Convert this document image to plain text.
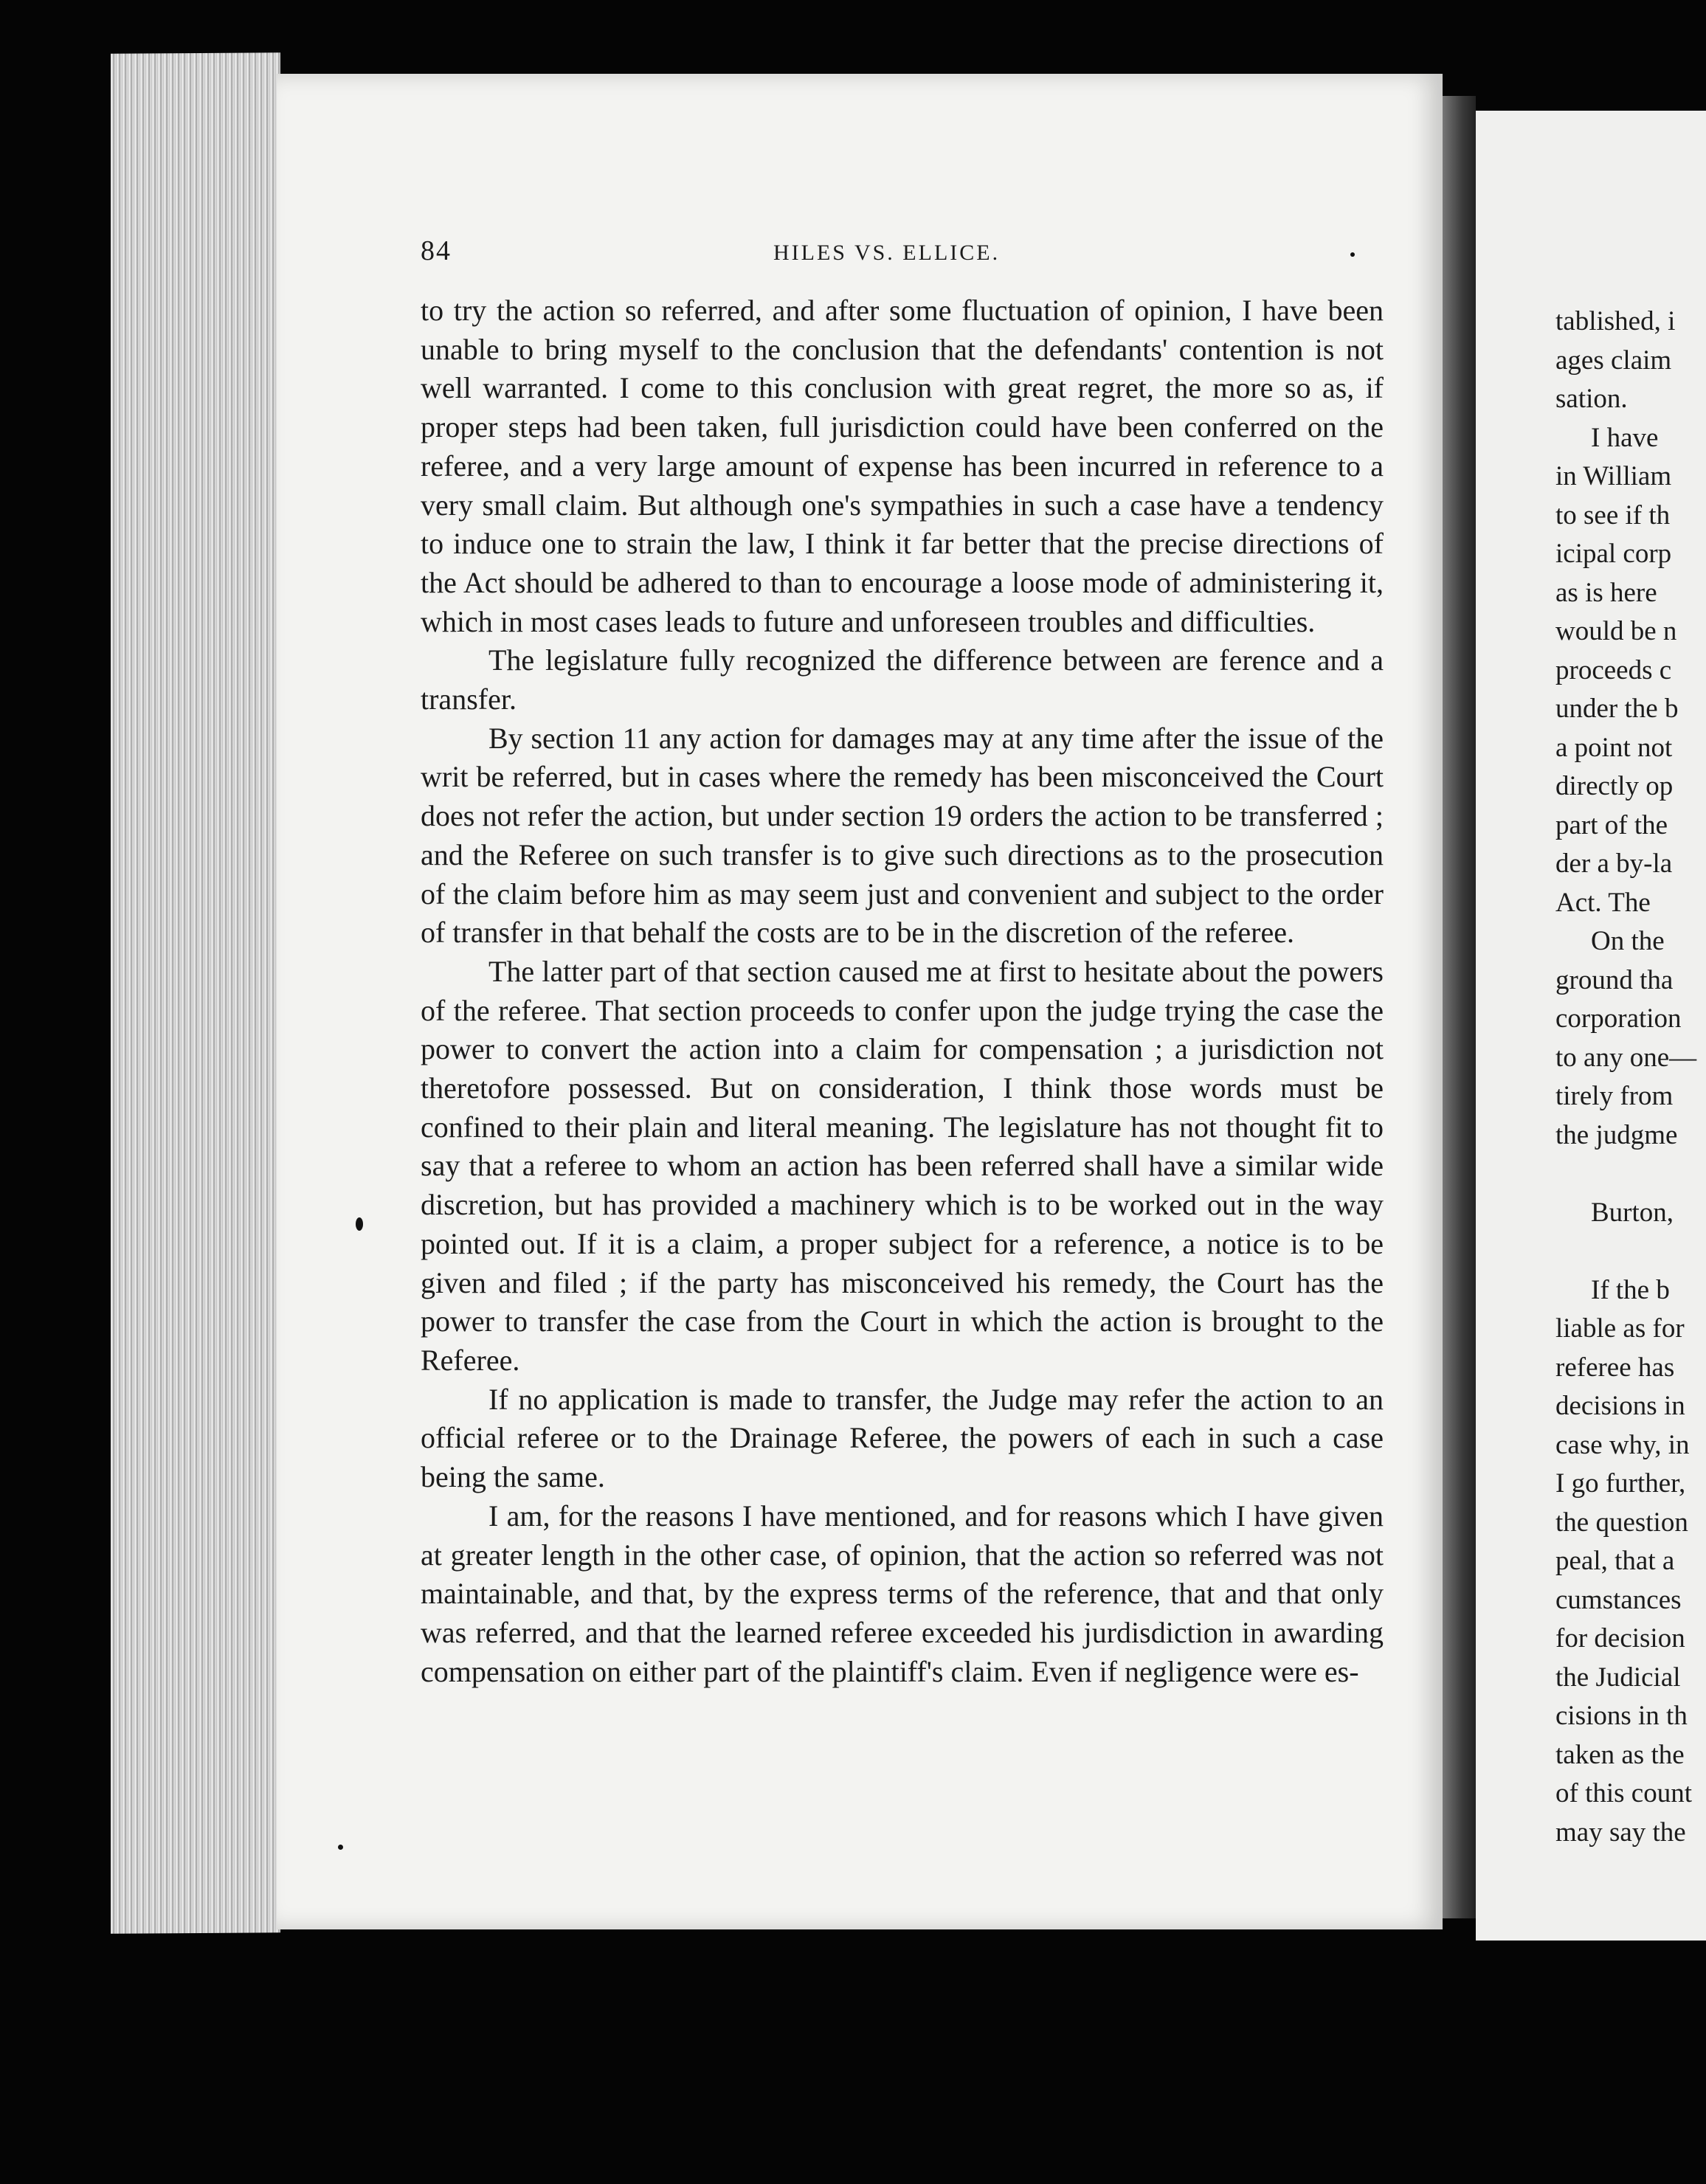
84	HILES VS. ELLICE.

to try the action so referred, and after some fluctuation of opinion, I have been unable to bring myself to the conclusion that the defendants' contention is not well warranted. I come to this conclusion with great regret, the more so as, if proper steps had been taken, full jurisdiction could have been conferred on the referee, and a very large amount of expense has been incurred in reference to a very small claim. But although one's sympathies in such a case have a tendency to induce one to strain the law, I think it far better that the precise directions of the Act should be adhered to than to encourage a loose mode of administering it, which in most cases leads to future and unforeseen troubles and difficulties.

The legislature fully recognized the difference between are ference and a transfer.

By section 11 any action for damages may at any time after the issue of the writ be referred, but in cases where the remedy has been misconceived the Court does not refer the action, but under section 19 orders the action to be transferred ; and the Referee on such transfer is to give such directions as to the prosecution of the claim before him as may seem just and convenient and subject to the order of transfer in that behalf the costs are to be in the discretion of the referee.

The latter part of that section caused me at first to hesitate about the powers of the referee. That section proceeds to confer upon the judge trying the case the power to convert the action into a claim for compensation ; a jurisdiction not theretofore possessed. But on consideration, I think those words must be confined to their plain and literal meaning. The legislature has not thought fit to say that a referee to whom an action has been referred shall have a similar wide discretion, but has provided a machinery which is to be worked out in the way pointed out. If it is a claim, a proper subject for a reference, a notice is to be given and filed ; if the party has misconceived his remedy, the Court has the power to transfer the case from the Court in which the action is brought to the Referee.

If no application is made to transfer, the Judge may refer the action to an official referee or to the Drainage Referee, the powers of each in such a case being the same.

I am, for the reasons I have mentioned, and for reasons which I have given at greater length in the other case, of opinion, that the action so referred was not maintainable, and that, by the express terms of the reference, that and that only was referred, and that the learned referee exceeded his jurdisdiction in awarding compensation on either part of the plaintiff's claim. Even if negligence were es-

tablished, i
ages claim
sation.
I have
in William
to see if th
icipal corp
as is here
would be n
proceeds c
under the b
a point not
directly op
part of the
der a by-la
Act. The
On the
ground tha
corporation
to any one—
tirely from
the judgme
Burton,
If the b
liable as for
referee has
decisions in
case why, in
I go further,
the question
peal, that a
cumstances
for decision
the Judicial
cisions in th
taken as the
of this count
may say the
